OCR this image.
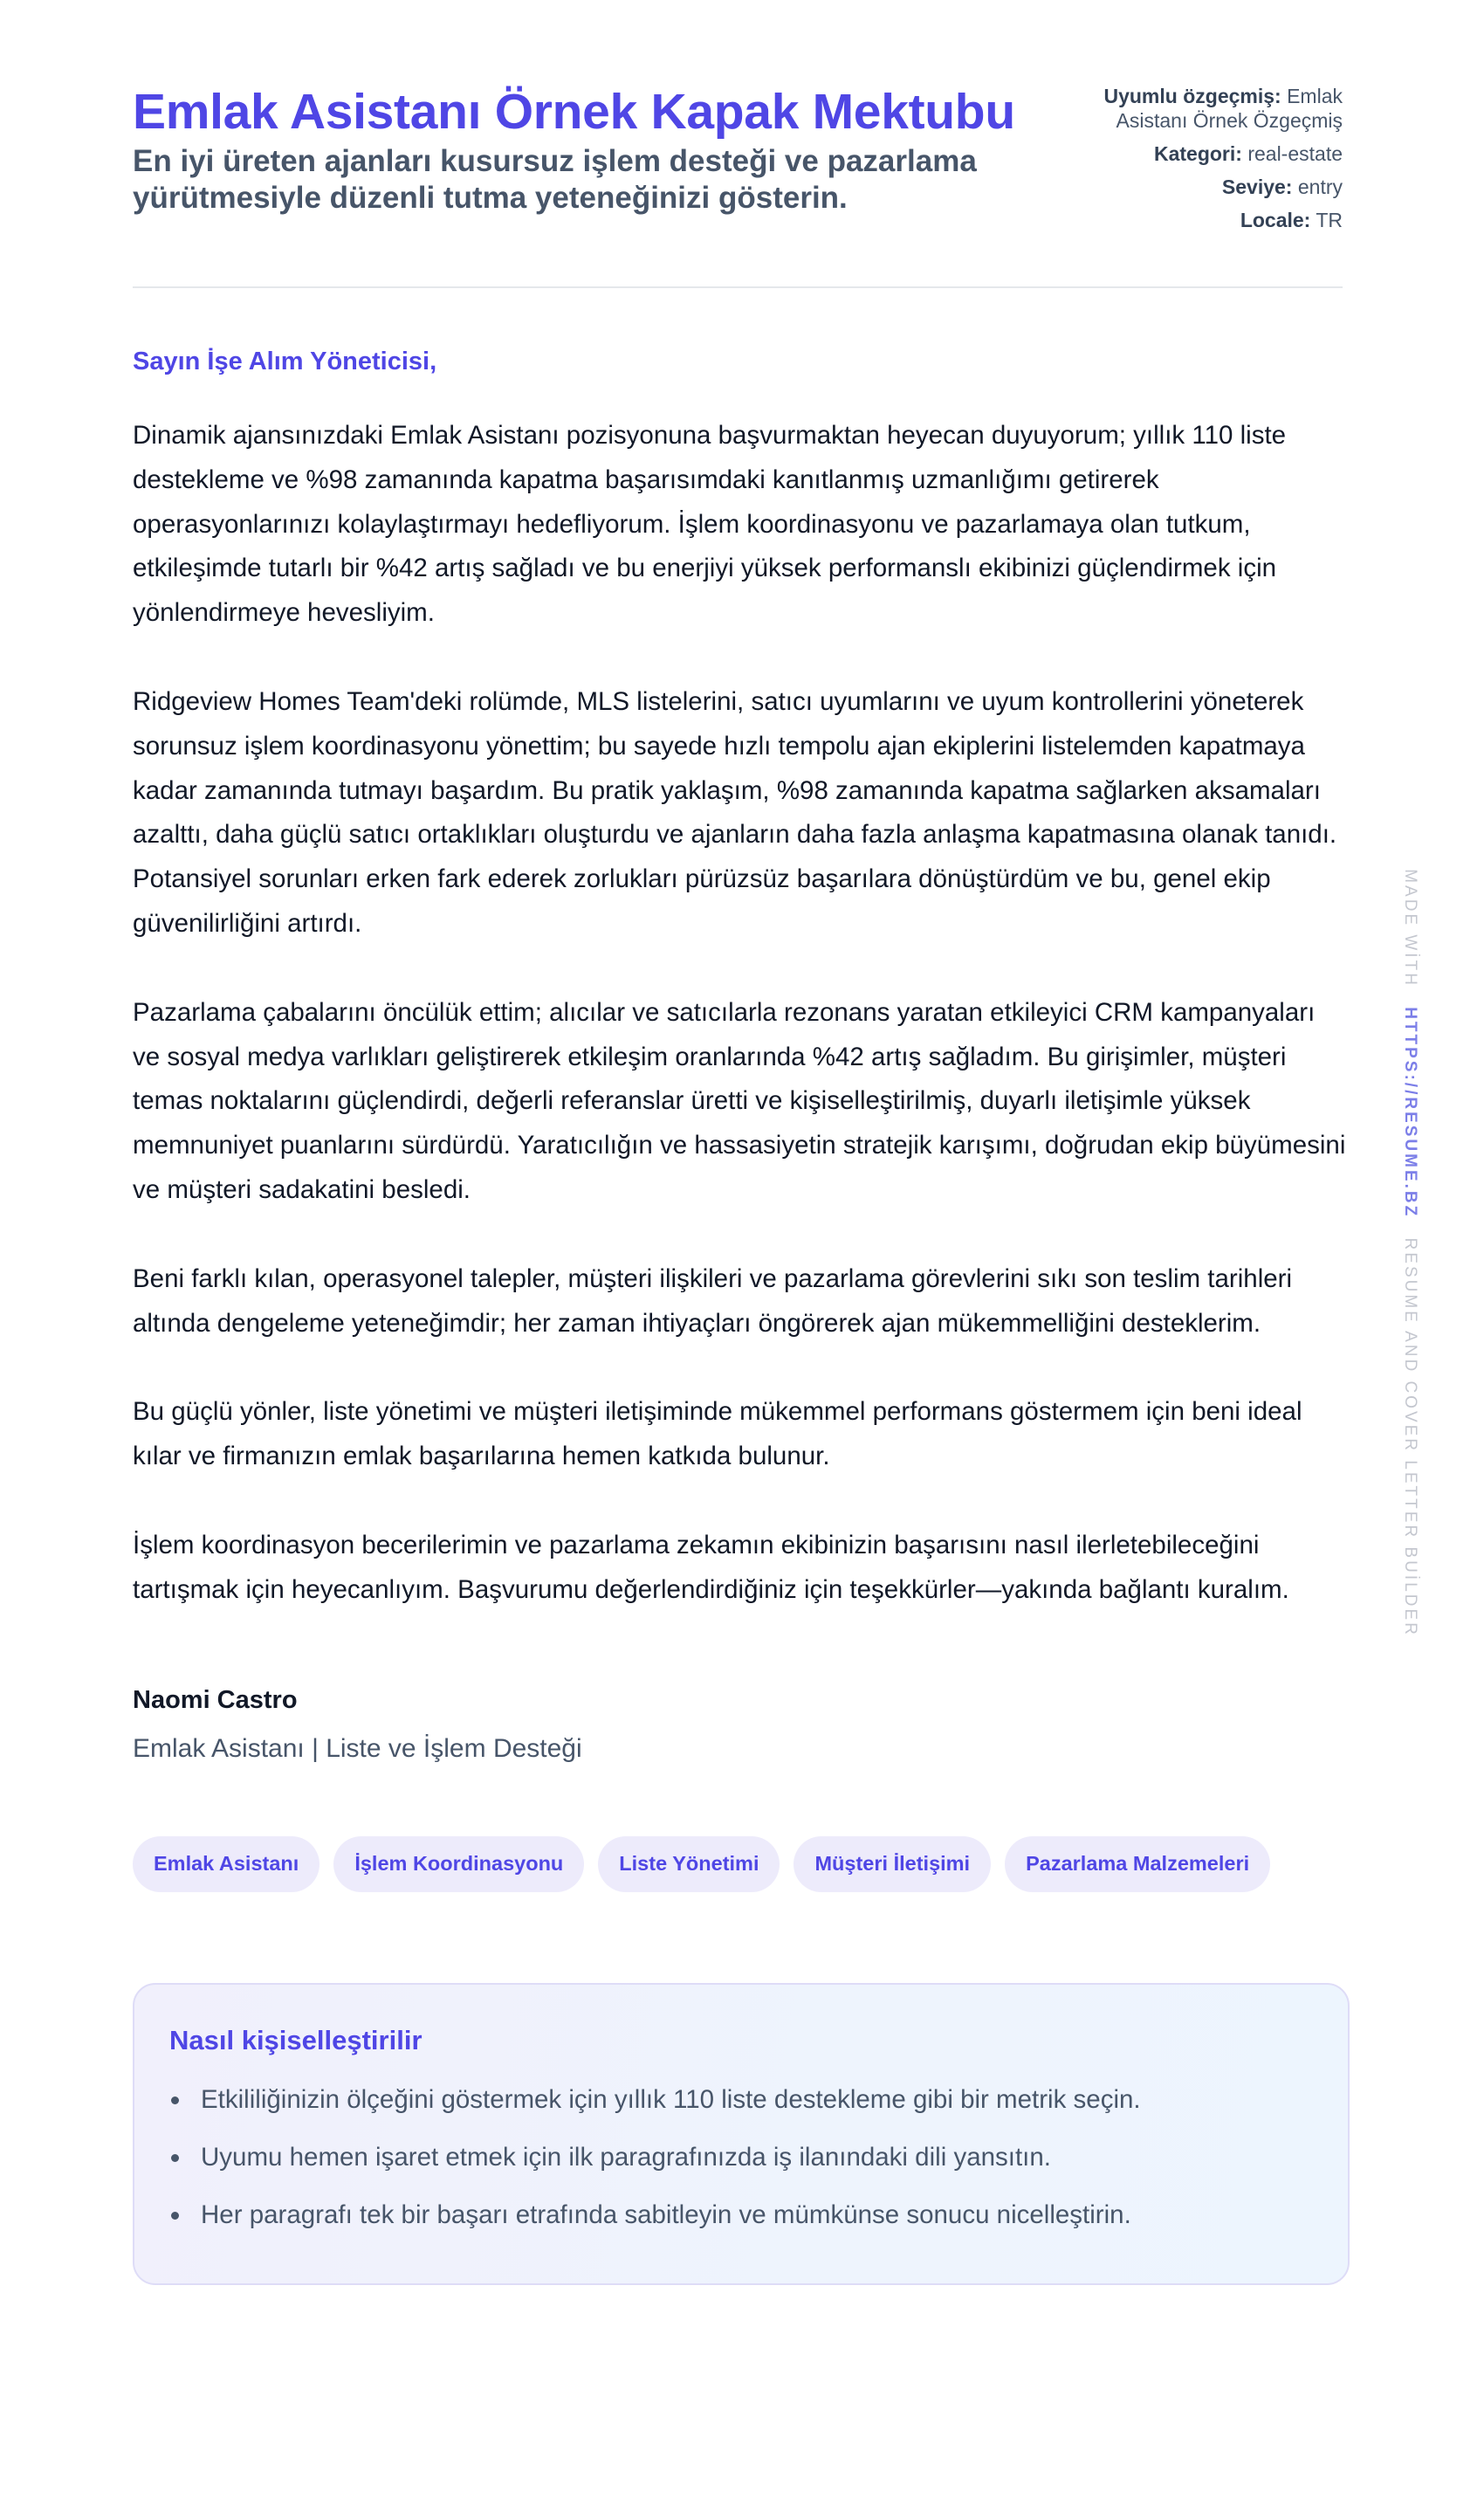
Emlak Asistanı Örnek Kapak Mektubu
En iyi üreten ajanları kusursuz işlem desteği ve pazarlama yürütmesiyle düzenli tutma yeteneğinizi gösterin.
Uyumlu özgeçmiş: Emlak Asistanı Örnek Özgeçmiş
Kategori: real-estate
Seviye: entry
Locale: TR
Sayın İşe Alım Yöneticisi,

Dinamik ajansınızdaki Emlak Asistanı pozisyonuna başvurmaktan heyecan duyuyorum; yıllık 110 liste destekleme ve %98 zamanında kapatma başarısımdaki kanıtlanmış uzmanlığımı getirerek operasyonlarınızı kolaylaştırmayı hedefliyorum. İşlem koordinasyonu ve pazarlamaya olan tutkum, etkileşimde tutarlı bir %42 artış sağladı ve bu enerjiyi yüksek performanslı ekibinizi güçlendirmek için yönlendirmeye hevesliyim.

Ridgeview Homes Team'deki rolümde, MLS listelerini, satıcı uyumlarını ve uyum kontrollerini yöneterek sorunsuz işlem koordinasyonu yönettim; bu sayede hızlı tempolu ajan ekiplerini listelemden kapatmaya kadar zamanında tutmayı başardım. Bu pratik yaklaşım, %98 zamanında kapatma sağlarken aksamaları azalttı, daha güçlü satıcı ortaklıkları oluşturdu ve ajanların daha fazla anlaşma kapatmasına olanak tanıdı. Potansiyel sorunları erken fark ederek zorlukları pürüzsüz başarılara dönüştürdüm ve bu, genel ekip güvenilirliğini artırdı.

Pazarlama çabalarını öncülük ettim; alıcılar ve satıcılarla rezonans yaratan etkileyici CRM kampanyaları ve sosyal medya varlıkları geliştirerek etkileşim oranlarında %42 artış sağladım. Bu girişimler, müşteri temas noktalarını güçlendirdi, değerli referanslar üretti ve kişiselleştirilmiş, duyarlı iletişimle yüksek memnuniyet puanlarını sürdürdü. Yaratıcılığın ve hassasiyetin stratejik karışımı, doğrudan ekip büyümesini ve müşteri sadakatini besledi.

Beni farklı kılan, operasyonel talepler, müşteri ilişkileri ve pazarlama görevlerini sıkı son teslim tarihleri altında dengeleme yeteneğimdir; her zaman ihtiyaçları öngörerek ajan mükemmelliğini desteklerim.

Bu güçlü yönler, liste yönetimi ve müşteri iletişiminde mükemmel performans göstermem için beni ideal kılar ve firmanızın emlak başarılarına hemen katkıda bulunur.

İşlem koordinasyon becerilerimin ve pazarlama zekamın ekibinizin başarısını nasıl ilerletebileceğini tartışmak için heyecanlıyım. Başvurumu değerlendirdiğiniz için teşekkürler—yakında bağlantı kuralım.

Naomi Castro
Emlak Asistanı | Liste ve İşlem Desteği
Emlak Asistanı	İşlem Koordinasyonu	Liste Yönetimi	Müşteri İletişimi	Pazarlama Malzemeleri
Nasıl kişiselleştirilir
Etkililiğinizin ölçeğini göstermek için yıllık 110 liste destekleme gibi bir metrik seçin.
Uyumu hemen işaret etmek için ilk paragrafınızda iş ilanındaki dili yansıtın.
Her paragrafı tek bir başarı etrafında sabitleyin ve mümkünse sonucu nicelleştirin.
MADE WİTH HTTPS://RESUME.BZ RESUME AND COVER LETTER BUİLDER
